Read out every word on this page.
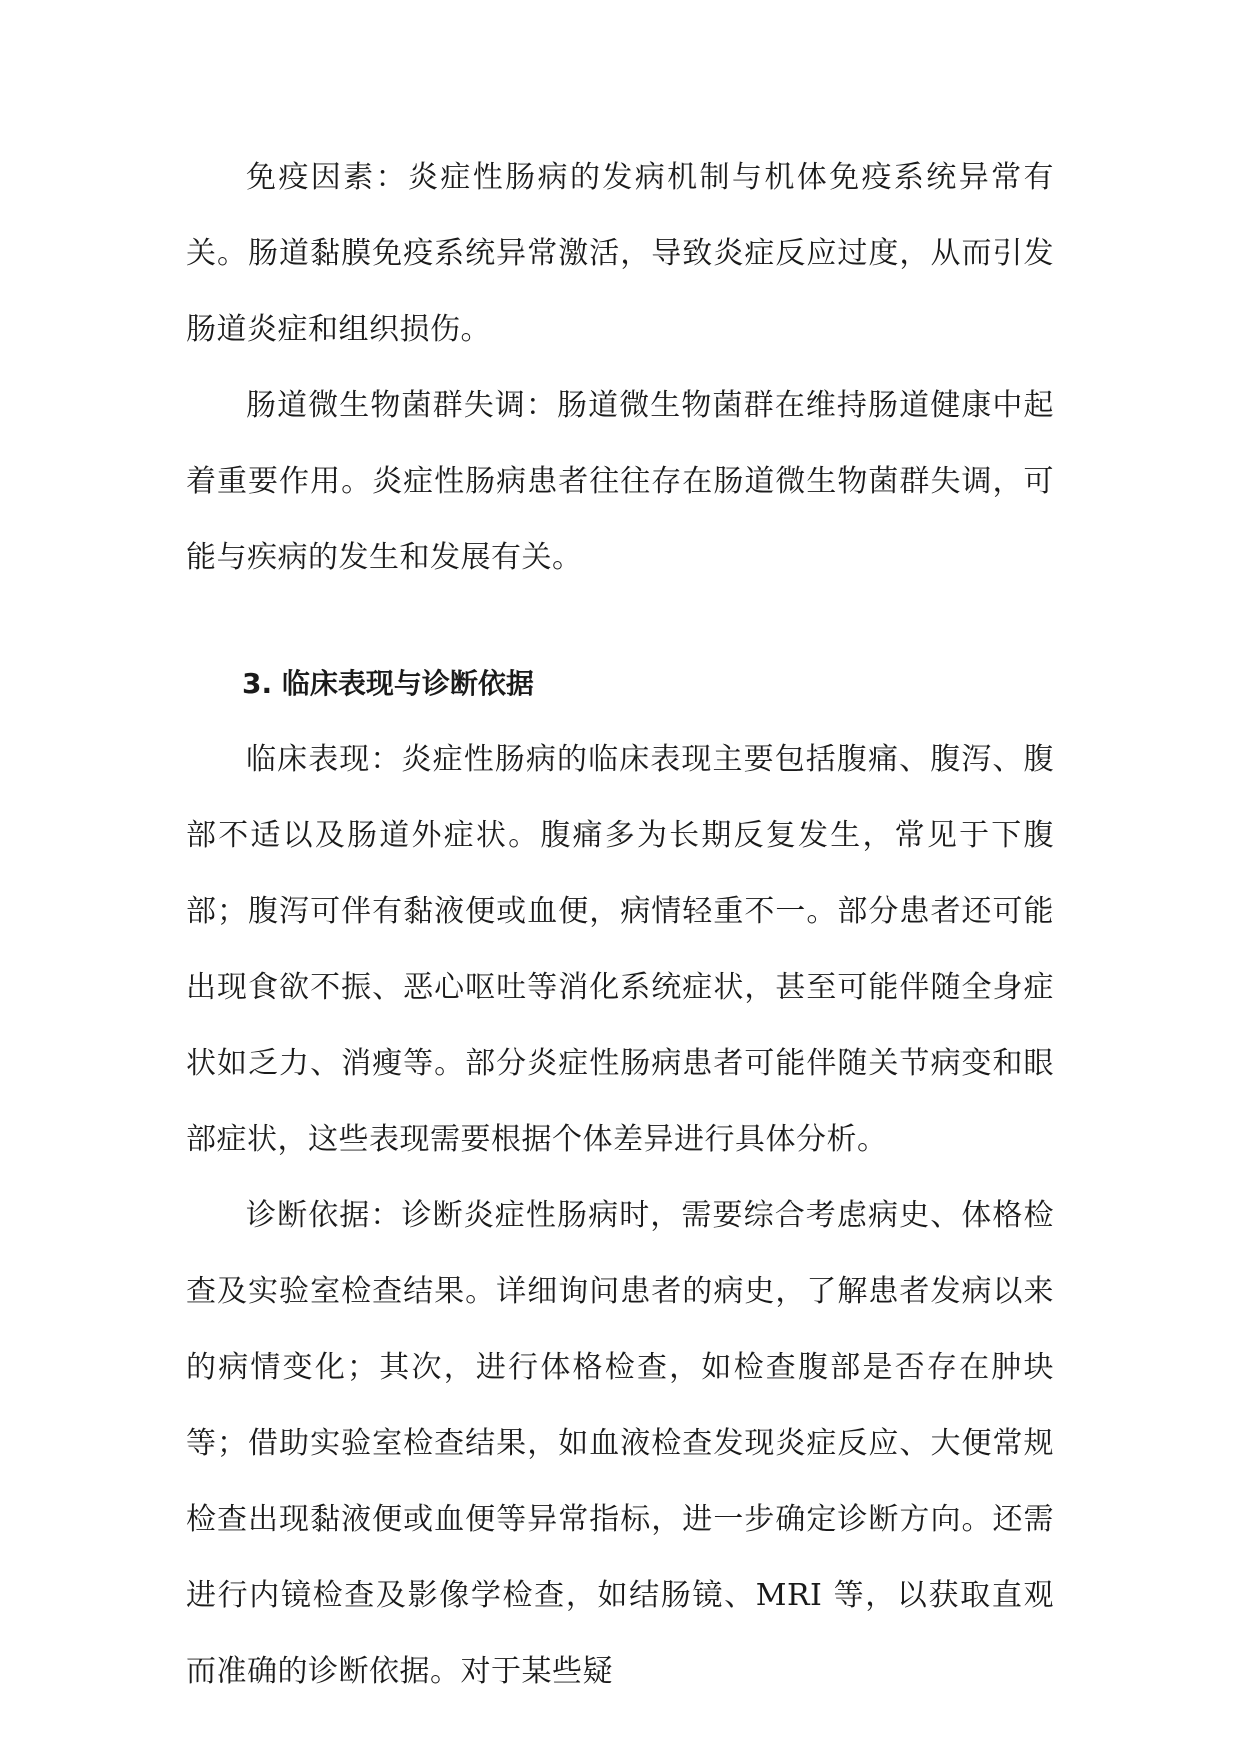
免疫因素：炎症性肠病的发病机制与机体免疫系统异常有关。肠道黏膜免疫系统异常激活，导致炎症反应过度，从而引发肠道炎症和组织损伤。

肠道微生物菌群失调：肠道微生物菌群在维持肠道健康中起着重要作用。炎症性肠病患者往往存在肠道微生物菌群失调，可能与疾病的发生和发展有关。

3. 临床表现与诊断依据

临床表现：炎症性肠病的临床表现主要包括腹痛、腹泻、腹部不适以及肠道外症状。腹痛多为长期反复发生，常见于下腹部；腹泻可伴有黏液便或血便，病情轻重不一。部分患者还可能出现食欲不振、恶心呕吐等消化系统症状，甚至可能伴随全身症状如乏力、消瘦等。部分炎症性肠病患者可能伴随关节病变和眼部症状，这些表现需要根据个体差异进行具体分析。

诊断依据：诊断炎症性肠病时，需要综合考虑病史、体格检查及实验室检查结果。详细询问患者的病史，了解患者发病以来的病情变化；其次，进行体格检查，如检查腹部是否存在肿块等；借助实验室检查结果，如血液检查发现炎症反应、大便常规检查出现黏液便或血便等异常指标，进一步确定诊断方向。还需进行内镜检查及影像学检查，如结肠镜、MRI 等，以获取直观而准确的诊断依据。对于某些疑
